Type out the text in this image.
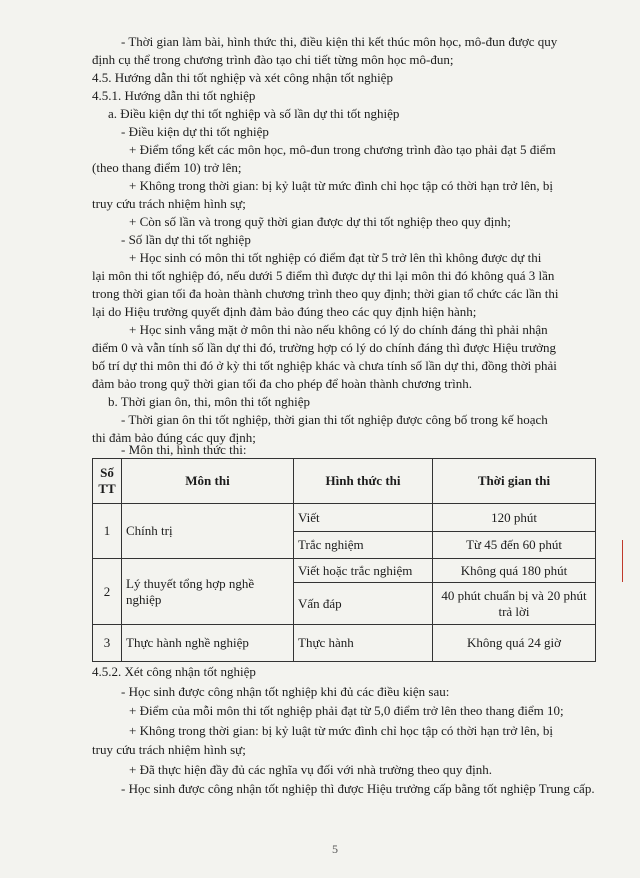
- Thời gian làm bài, hình thức thi, điều kiện thi kết thúc môn học, mô-đun được quy
định cụ thể trong chương trình đào tạo chi tiết từng môn học mô-đun;
4.5. Hướng dẫn thi tốt nghiệp và xét công nhận tốt nghiệp
4.5.1. Hướng dẫn thi tốt nghiệp
a. Điều kiện dự thi tốt nghiệp và số lần dự thi tốt nghiệp
- Điều kiện dự thi tốt nghiệp
+ Điểm tổng kết các môn học, mô-đun trong chương trình đào tạo phải đạt 5 điểm
(theo thang điểm 10) trở lên;
+ Không trong thời gian: bị kỷ luật từ mức đình chỉ học tập có thời hạn trở lên, bị
truy cứu trách nhiệm hình sự;
+ Còn số lần và trong quỹ thời gian được dự thi tốt nghiệp theo quy định;
- Số lần dự thi tốt nghiệp
+ Học sinh có môn thi tốt nghiệp có điểm đạt từ 5 trở lên thì không được dự thi
lại môn thi tốt nghiệp đó, nếu dưới 5 điểm thì được dự thi lại môn thi đó không quá 3 lần
trong thời gian tối đa hoàn thành chương trình theo quy định; thời gian tổ chức các lần thi
lại do Hiệu trưởng quyết định đảm bảo đúng theo các quy định hiện hành;
+ Học sinh vắng mặt ở môn thi nào nếu không có lý do chính đáng thì phải nhận
điểm 0 và vẫn tính số lần dự thi đó, trường hợp có lý do chính đáng thì được Hiệu trưởng
bố trí dự thi môn thi đó ở kỳ thi tốt nghiệp khác và chưa tính số lần dự thi, đồng thời phải
đảm bảo trong quỹ thời gian tối đa cho phép để hoàn thành chương trình.
b. Thời gian ôn, thi, môn thi tốt nghiệp
Số TT	Môn thi	Hình thức thi	Thời gian thi
1	Chính trị	Viết	120 phút
		Trắc nghiệm	Từ 45 đến 60 phút
2	Lý thuyết tổng hợp nghề nghiệp	Viết hoặc trắc nghiệm	Không quá 180 phút
		Vấn đáp	40 phút chuẩn bị và 20 phút trả lời
3	Thực hành nghề nghiệp	Thực hành	Không quá 24 giờ
4.5.2. Xét công nhận tốt nghiệp
- Học sinh được công nhận tốt nghiệp khi đủ các điều kiện sau:
+ Điểm của mỗi môn thi tốt nghiệp phải đạt từ 5,0 điểm trở lên theo thang điểm 10;
+ Không trong thời gian: bị kỷ luật từ mức đình chỉ học tập có thời hạn trở lên, bị
truy cứu trách nhiệm hình sự;
+ Đã thực hiện đầy đủ các nghĩa vụ đối với nhà trường theo quy định.
- Học sinh được công nhận tốt nghiệp thì được Hiệu trưởng cấp bằng tốt nghiệp Trung cấp.
5
- Thời gian ôn thi tốt nghiệp, thời gian thi tốt nghiệp được công bố trong kế hoạch
thi đảm bảo đúng các quy định;
- Môn thi, hình thức thi:
